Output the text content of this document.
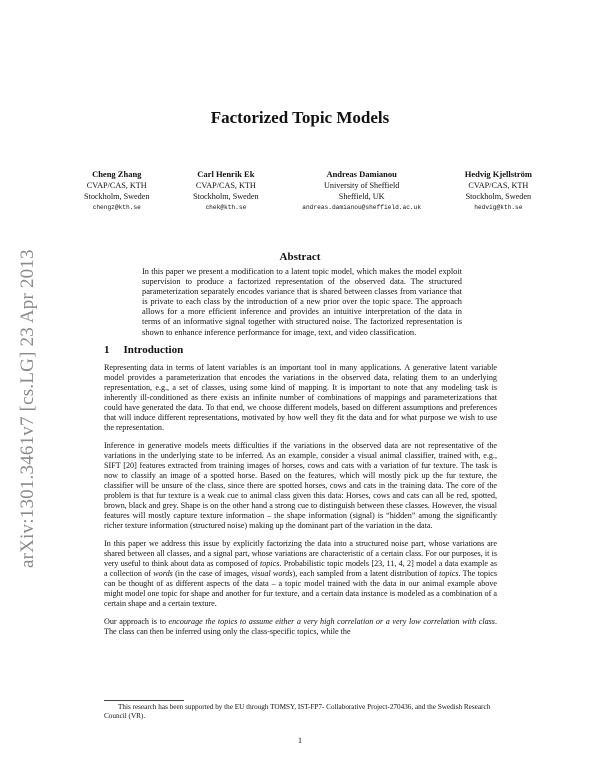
arXiv:1301.3461v7 [cs.LG] 23 Apr 2013
Factorized Topic Models
Cheng Zhang
CVAP/CAS, KTH
Stockholm, Sweden
chengz@kth.se
Carl Henrik Ek
CVAP/CAS, KTH
Stockholm, Sweden
chek@kth.se
Andreas Damianou
University of Sheffield
Sheffield, UK
andreas.damianou@sheffield.ac.uk
Hedvig Kjellström
CVAP/CAS, KTH
Stockholm, Sweden
hedvig@kth.se
Abstract
In this paper we present a modification to a latent topic model, which makes the model exploit supervision to produce a factorized representation of the observed data. The structured parameterization separately encodes variance that is shared between classes from variance that is private to each class by the introduction of a new prior over the topic space. The approach allows for a more efficient inference and provides an intuitive interpretation of the data in terms of an informative signal together with structured noise. The factorized representation is shown to enhance inference performance for image, text, and video classification.
1 Introduction

Representing data in terms of latent variables is an important tool in many applications. A generative latent variable model provides a parameterization that encodes the variations in the observed data, relating them to an underlying representation, e.g., a set of classes, using some kind of mapping. It is important to note that any modeling task is inherently ill-conditioned as there exists an infinite number of combinations of mappings and parameterizations that could have generated the data. To that end, we choose different models, based on different assumptions and preferences that will induce different representations, motivated by how well they fit the data and for what purpose we wish to use the representation.

Inference in generative models meets difficulties if the variations in the observed data are not representative of the variations in the underlying state to be inferred. As an example, consider a visual animal classifier, trained with, e.g., SIFT [20] features extracted from training images of horses, cows and cats with a variation of fur texture. The task is now to classify an image of a spotted horse. Based on the features, which will mostly pick up the fur texture, the classifier will be unsure of the class, since there are spotted horses, cows and cats in the training data. The core of the problem is that fur texture is a weak cue to animal class given this data: Horses, cows and cats can all be red, spotted, brown, black and grey. Shape is on the other hand a strong cue to distinguish between these classes. However, the visual features will mostly capture texture information – the shape information (signal) is “hidden” among the significantly richer texture information (structured noise) making up the dominant part of the variation in the data.

In this paper we address this issue by explicitly factorizing the data into a structured noise part, whose variations are shared between all classes, and a signal part, whose variations are characteristic of a certain class. For our purposes, it is very useful to think about data as composed of topics. Probabilistic topic models [23, 11, 4, 2] model a data example as a collection of words (in the case of images, visual words), each sampled from a latent distribution of topics. The topics can be thought of as different aspects of the data – a topic model trained with the data in our animal example above might model one topic for shape and another for fur texture, and a certain data instance is modeled as a combination of a certain shape and a certain texture.

Our approach is to encourage the topics to assume either a very high correlation or a very low correlation with class. The class can then be inferred using only the class-specific topics, while the

This research has been supported by the EU through TOMSY, IST-FP7- Collaborative Project-270436, and the Swedish Research Council (VR).
1
